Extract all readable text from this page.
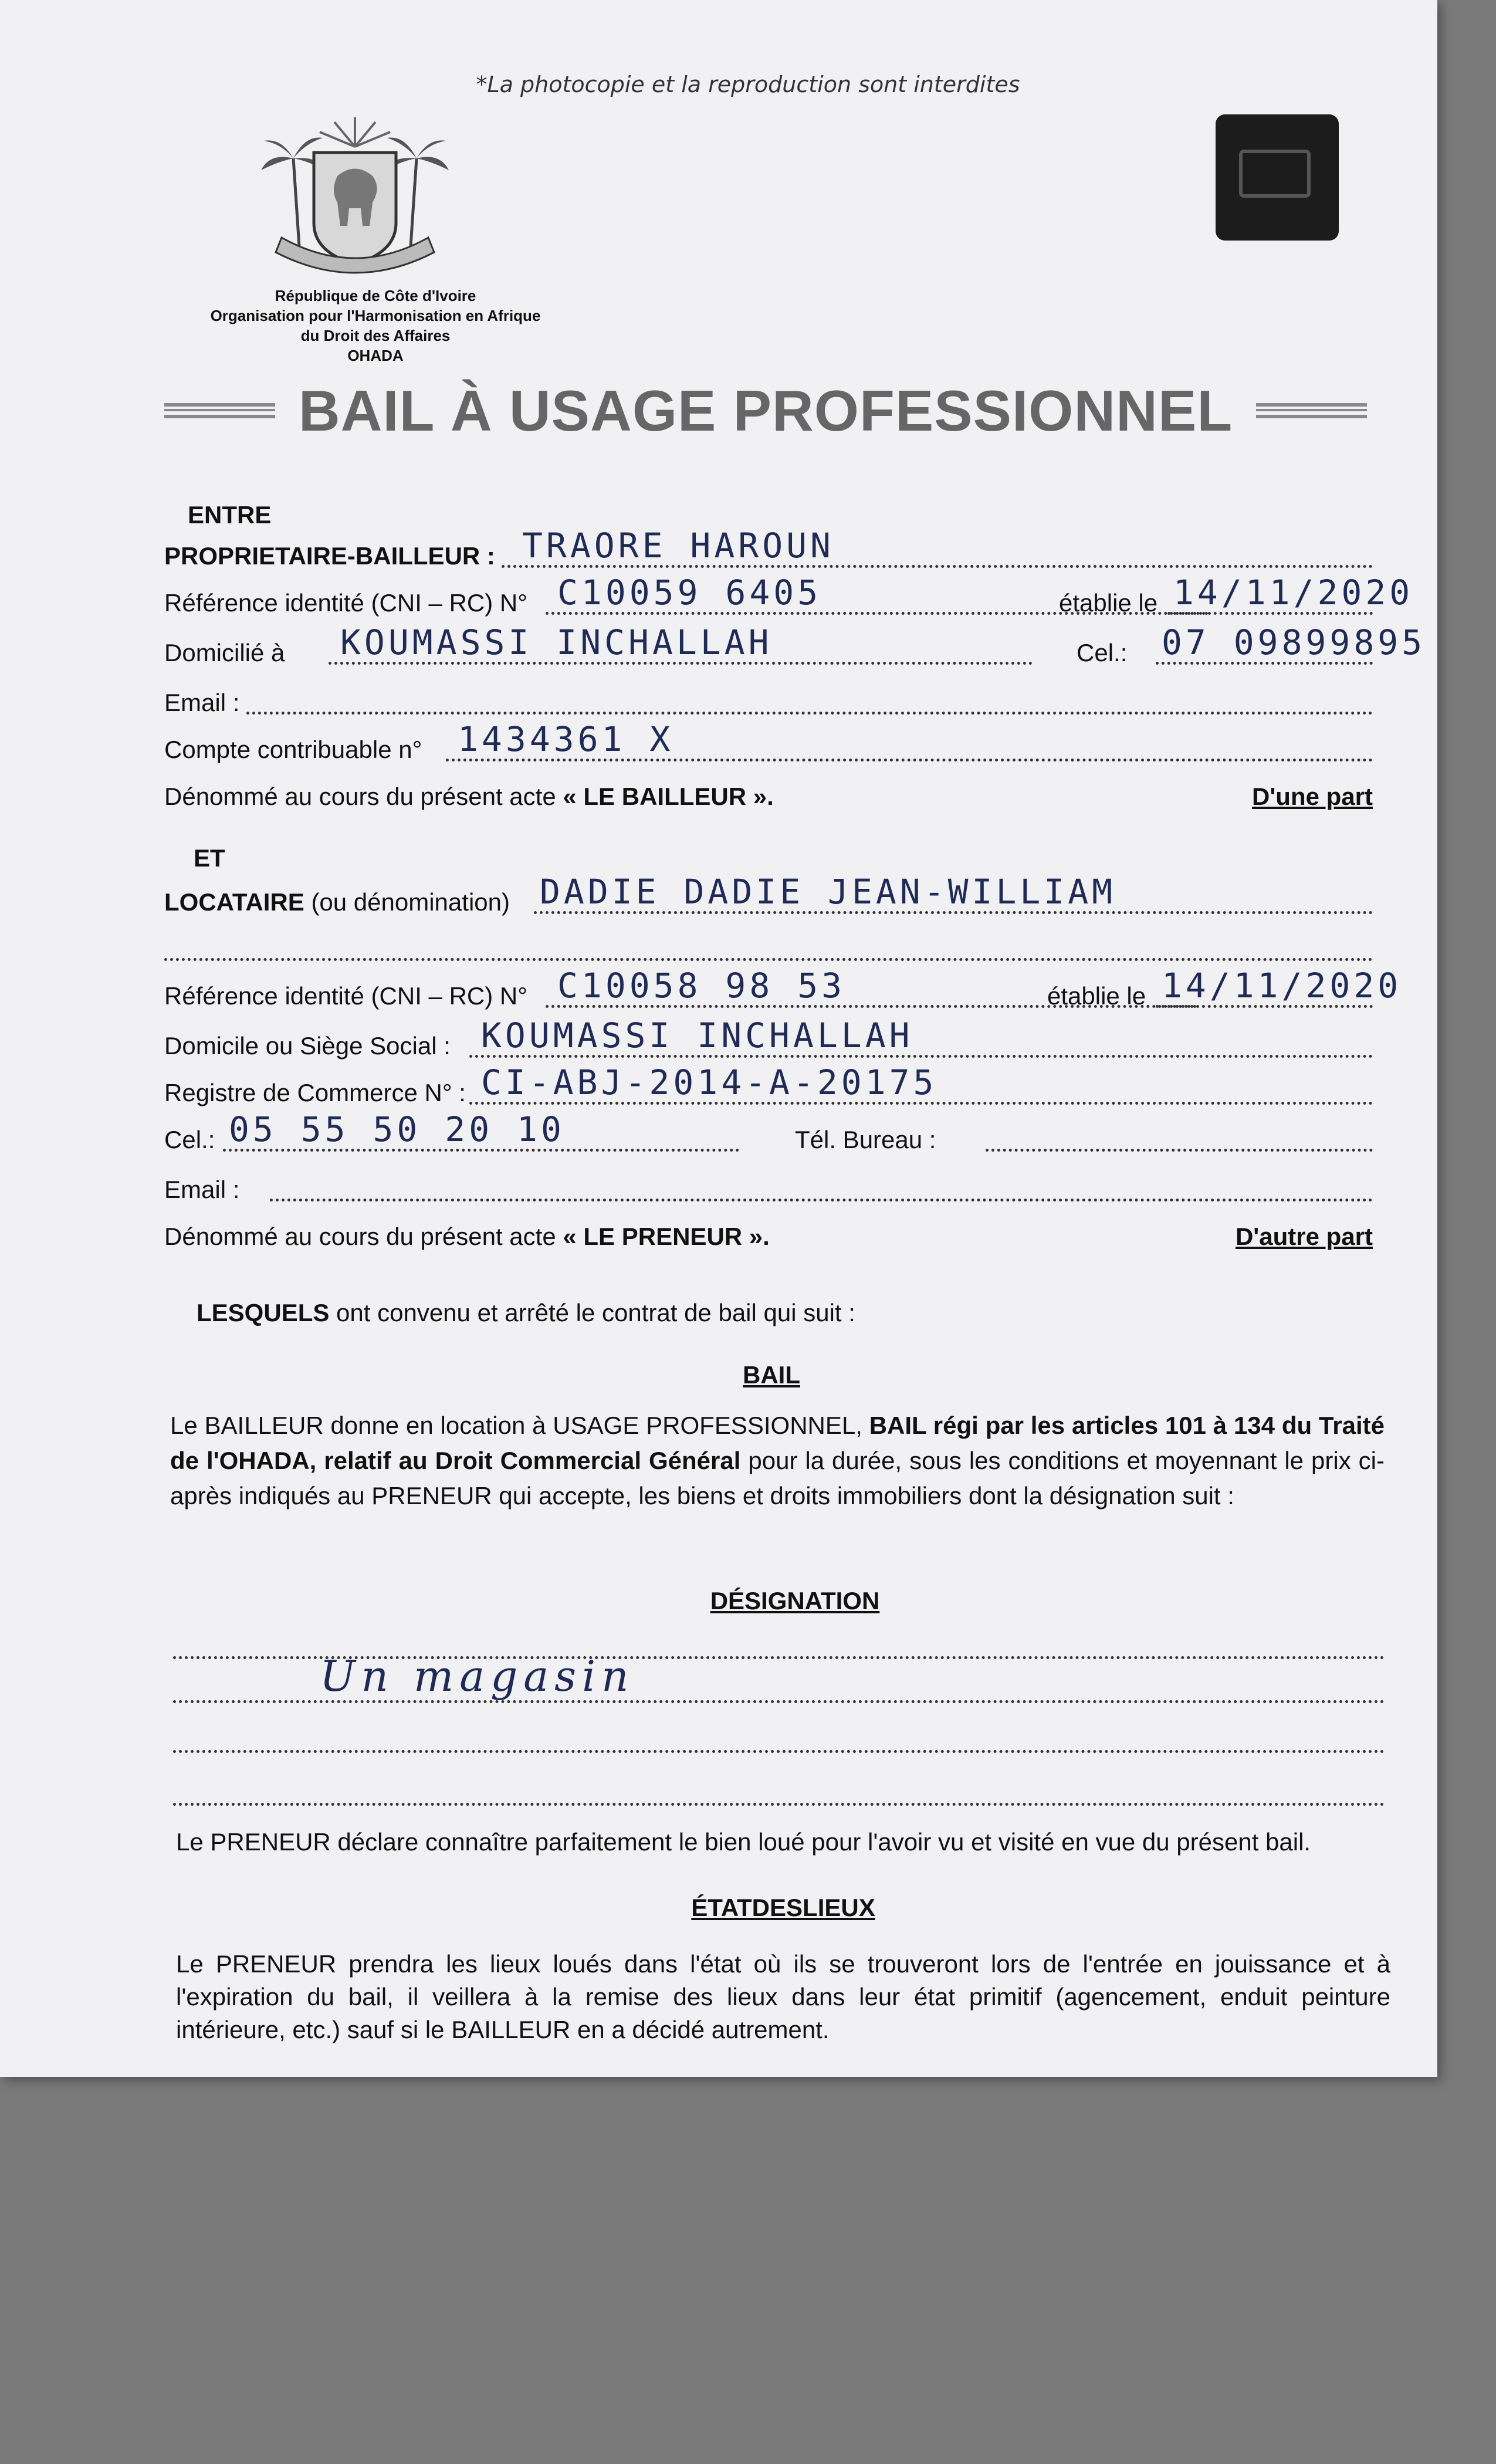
*La photocopie et la reproduction sont interdites
République de Côte d'Ivoire
Organisation pour l'Harmonisation en Afrique
du Droit des Affaires
OHADA
BAIL À USAGE PROFESSIONNEL
ENTRE
PROPRIETAIRE-BAILLEUR : TRAORE HAROUN
Référence identité (CNI – RC) N° C10059 6405	établie le 14/11/2020
Domicilié à KOUMASSI INCHALLAH	Cel.: 07 09899895
Email :
Compte contribuable n° 1434361 X
Dénommé au cours du présent acte « LE BAILLEUR ».	D'une part
ET
LOCATAIRE (ou dénomination) DADIE DADIE JEAN-WILLIAM
Référence identité (CNI – RC) N° C10058 98 53	établie le 14/11/2020
Domicile ou Siège Social : KOUMASSI INCHALLAH
Registre de Commerce N° : CI-ABJ-2014-A-20175
Cel.: 05 55 50 20 10	Tél. Bureau :
Email :
Dénommé au cours du présent acte « LE PRENEUR ».	D'autre part
LESQUELS ont convenu et arrêté le contrat de bail qui suit :
BAIL
Le BAILLEUR donne en location à USAGE PROFESSIONNEL, BAIL régi par les articles 101 à 134 du Traité de l'OHADA, relatif au Droit Commercial Général pour la durée, sous les conditions et moyennant le prix ci-après indiqués au PRENEUR qui accepte, les biens et droits immobiliers dont la désignation suit :
DÉSIGNATION
Un magasin
Le PRENEUR déclare connaître parfaitement le bien loué pour l'avoir vu et visité en vue du présent bail.
ÉTATDESLIEUX
Le PRENEUR prendra les lieux loués dans l'état où ils se trouveront lors de l'entrée en jouissance et à l'expiration du bail, il veillera à la remise des lieux dans leur état primitif (agencement, enduit peinture intérieure, etc.) sauf si le BAILLEUR en a décidé autrement.
